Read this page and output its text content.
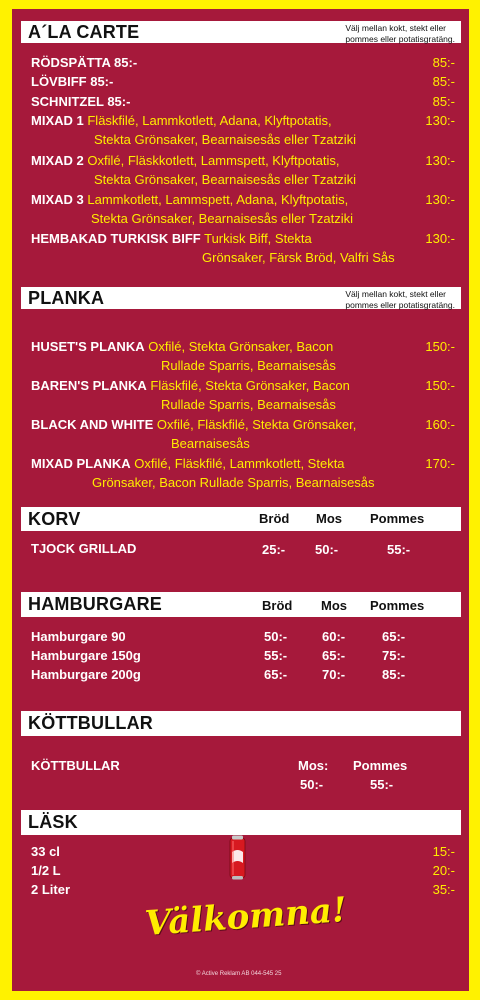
A´LA CARTE	Välj mellan kokt, stekt eller
pommes eller potatisgratäng.
RÖDSPÄTTA 85:-	85:-
LÖVBIFF 85:-	85:-
SCHNITZEL 85:-	85:-
MIXAD 1 Fläskfilé, Lammkotlett, Adana, Klyftpotatis,
Stekta Grönsaker, Bearnaisesås eller Tzatziki
130:-
MIXAD 2 Oxfilé, Fläskkotlett, Lammspett, Klyftpotatis,
Stekta Grönsaker, Bearnaisesås eller Tzatziki
130:-
MIXAD 3 Lammkotlett, Lammspett, Adana, Klyftpotatis,
Stekta Grönsaker, Bearnaisesås eller Tzatziki
130:-
HEMBAKAD TURKISK BIFF Turkisk Biff, Stekta
Grönsaker, Färsk Bröd, Valfri Sås
130:-
PLANKA	Välj mellan kokt, stekt eller
pommes eller potatisgratäng.
HUSET'S PLANKA Oxfilé, Stekta Grönsaker, Bacon
Rullade Sparris, Bearnaisesås
150:-
BAREN'S PLANKA Fläskfilé, Stekta Grönsaker, Bacon
Rullade Sparris, Bearnaisesås
150:-
BLACK AND WHITE Oxfilé, Fläskfilé, Stekta Grönsaker,
Bearnaisesås
160:-
MIXAD PLANKA Oxfilé, Fläskfilé, Lammkotlett, Stekta
Grönsaker, Bacon Rullade Sparris, Bearnaisesås
170:-
KORV	Bröd Mos Pommes
TJOCK GRILLAD	25:- 50:-	55:-
HAMBURGARE	Bröd Mos Pommes
Hamburgare 90	50:-	60:-	65:-
Hamburgare 150g	55:-	65:-	75:-
Hamburgare 200g	65:-	70:-	85:-
KÖTTBULLAR
KÖTTBULLAR	Mos: Pommes
50:-	55:-
LÄSK
33 cl	15:-
1/2 L	20:-
2 Liter	35:-
Välkomna!
© Active Reklam AB 044-545 25
